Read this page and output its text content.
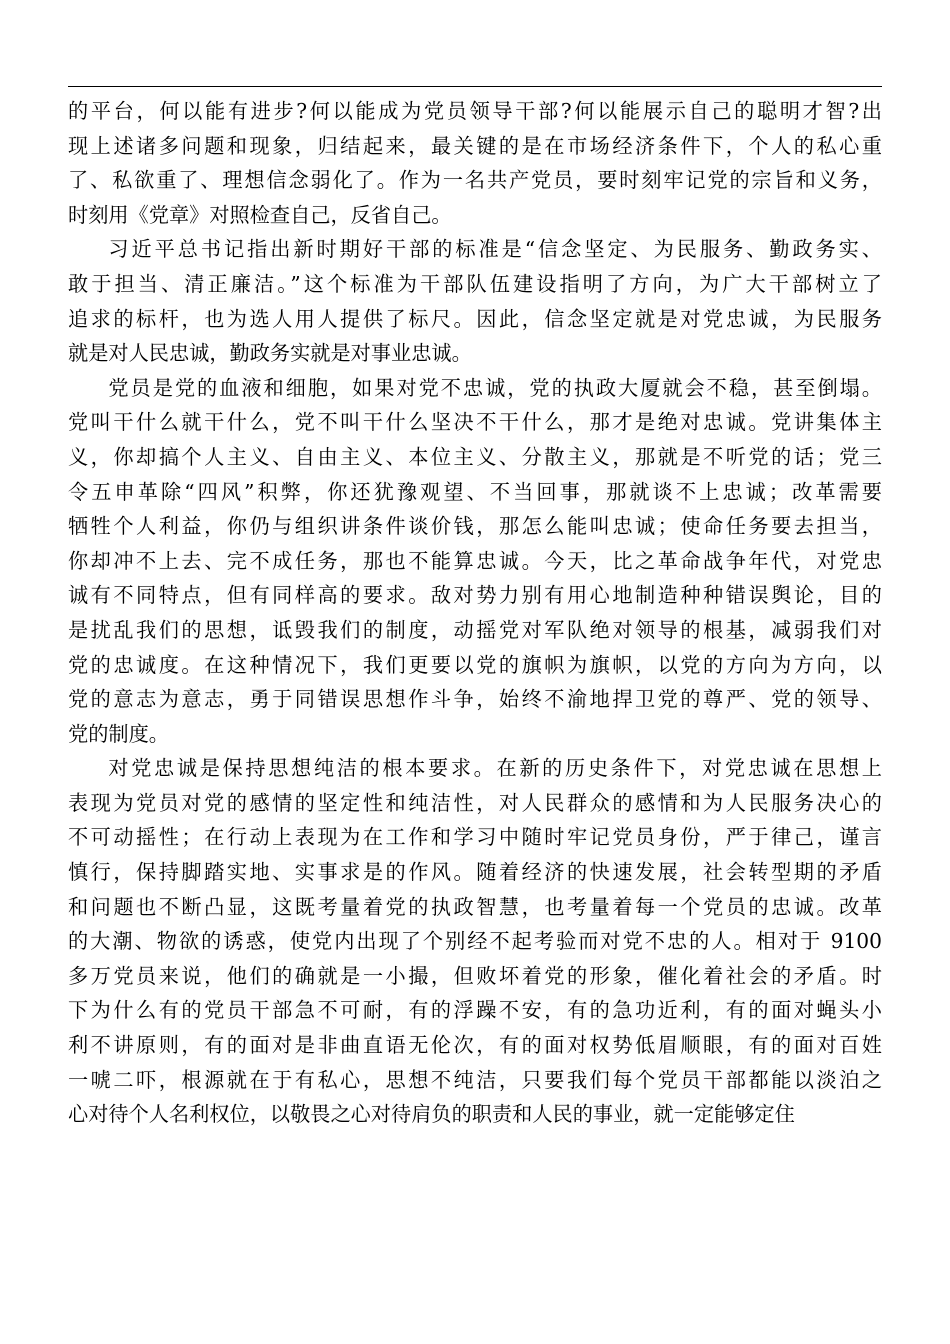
的平台，何以能有进步?何以能成为党员领导干部?何以能展示自己的聪明才智?出
现上述诸多问题和现象，归结起来，最关键的是在市场经济条件下，个人的私心重
了、私欲重了、理想信念弱化了。作为一名共产党员，要时刻牢记党的宗旨和义务，
时刻用《党章》对照检查自己，反省自己。
习近平总书记指出新时期好干部的标准是“信念坚定、为民服务、勤政务实、
敢于担当、清正廉洁。”这个标准为干部队伍建设指明了方向，为广大干部树立了
追求的标杆，也为选人用人提供了标尺。因此，信念坚定就是对党忠诚，为民服务
就是对人民忠诚，勤政务实就是对事业忠诚。
党员是党的血液和细胞，如果对党不忠诚，党的执政大厦就会不稳，甚至倒塌。
党叫干什么就干什么，党不叫干什么坚决不干什么，那才是绝对忠诚。党讲集体主
义，你却搞个人主义、自由主义、本位主义、分散主义，那就是不听党的话；党三
令五申革除“四风”积弊，你还犹豫观望、不当回事，那就谈不上忠诚；改革需要
牺牲个人利益，你仍与组织讲条件谈价钱，那怎么能叫忠诚；使命任务要去担当，
你却冲不上去、完不成任务，那也不能算忠诚。今天，比之革命战争年代，对党忠
诚有不同特点，但有同样高的要求。敌对势力别有用心地制造种种错误舆论，目的
是扰乱我们的思想，诋毁我们的制度，动摇党对军队绝对领导的根基，减弱我们对
党的忠诚度。在这种情况下，我们更要以党的旗帜为旗帜，以党的方向为方向，以
党的意志为意志，勇于同错误思想作斗争，始终不渝地捍卫党的尊严、党的领导、
党的制度。
对党忠诚是保持思想纯洁的根本要求。在新的历史条件下，对党忠诚在思想上
表现为党员对党的感情的坚定性和纯洁性，对人民群众的感情和为人民服务决心的
不可动摇性；在行动上表现为在工作和学习中随时牢记党员身份，严于律己，谨言
慎行，保持脚踏实地、实事求是的作风。随着经济的快速发展，社会转型期的矛盾
和问题也不断凸显，这既考量着党的执政智慧，也考量着每一个党员的忠诚。改革
的大潮、物欲的诱惑，使党内出现了个别经不起考验而对党不忠的人。相对于 9100
多万党员来说，他们的确就是一小撮，但败坏着党的形象，催化着社会的矛盾。时
下为什么有的党员干部急不可耐，有的浮躁不安，有的急功近利，有的面对蝇头小
利不讲原则，有的面对是非曲直语无伦次，有的面对权势低眉顺眼，有的面对百姓
一唬二吓，根源就在于有私心，思想不纯洁，只要我们每个党员干部都能以淡泊之
心对待个人名利权位，以敬畏之心对待肩负的职责和人民的事业，就一定能够定住
